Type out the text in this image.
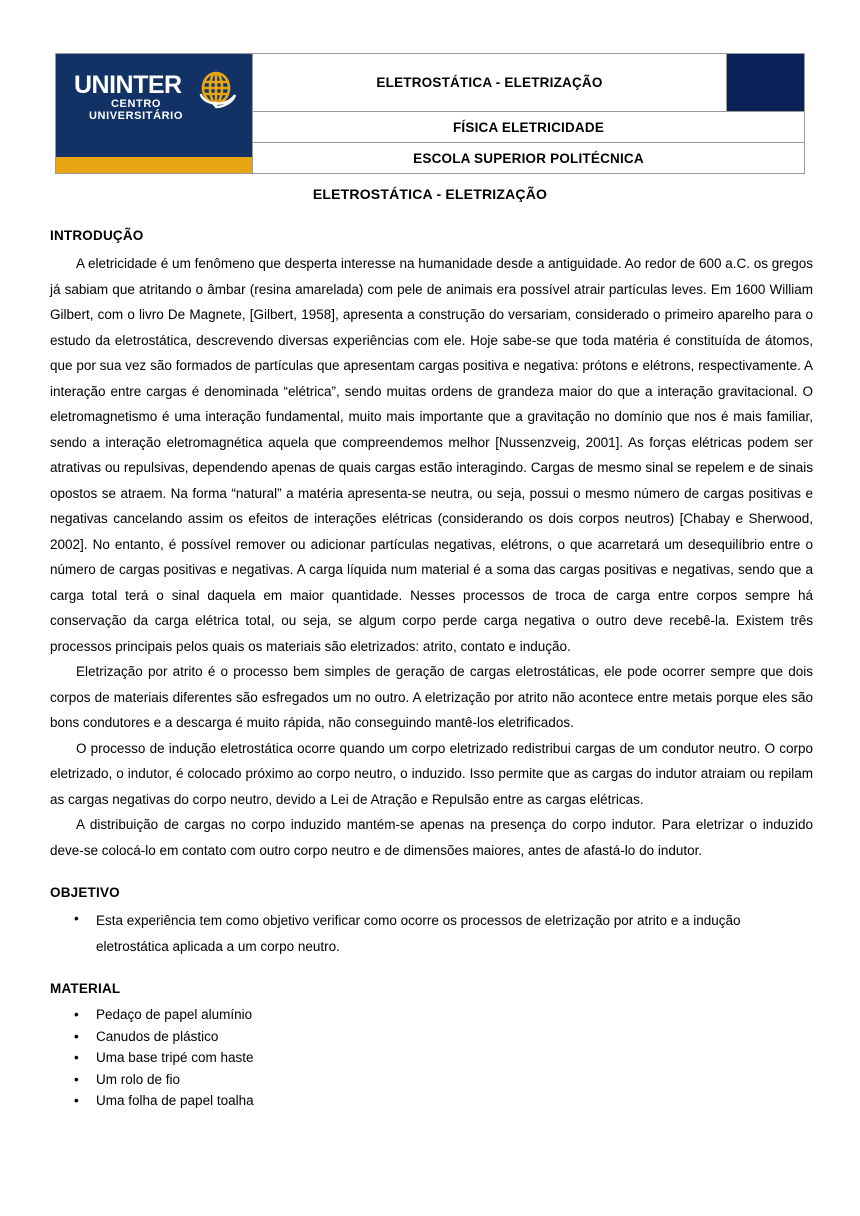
UNINTER
CENTRO
UNIVERSITÁRIO
	ELETROSTÁTICA - ELETRIZAÇÃO	
FÍSICA ELETRICIDADE
ESCOLA SUPERIOR POLITÉCNICA
ELETROSTÁTICA - ELETRIZAÇÃO
INTRODUÇÃO

A eletricidade é um fenômeno que desperta interesse na humanidade desde a antiguidade. Ao redor de 600 a.C. os gregos já sabiam que atritando o âmbar (resina amarelada) com pele de animais era possível atrair partículas leves. Em 1600 William Gilbert, com o livro De Magnete, [Gilbert, 1958], apresenta a construção do versariam, considerado o primeiro aparelho para o estudo da eletrostática, descrevendo diversas experiências com ele. Hoje sabe-se que toda matéria é constituída de átomos, que por sua vez são formados de partículas que apresentam cargas positiva e negativa: prótons e elétrons, respectivamente. A interação entre cargas é denominada “elétrica”, sendo muitas ordens de grandeza maior do que a interação gravitacional. O eletromagnetismo é uma interação fundamental, muito mais importante que a gravitação no domínio que nos é mais familiar, sendo a interação eletromagnética aquela que compreendemos melhor [Nussenzveig, 2001]. As forças elétricas podem ser atrativas ou repulsivas, dependendo apenas de quais cargas estão interagindo. Cargas de mesmo sinal se repelem e de sinais opostos se atraem. Na forma “natural” a matéria apresenta-se neutra, ou seja, possui o mesmo número de cargas positivas e negativas cancelando assim os efeitos de interações elétricas (considerando os dois corpos neutros) [Chabay e Sherwood, 2002]. No entanto, é possível remover ou adicionar partículas negativas, elétrons, o que acarretará um desequilíbrio entre o número de cargas positivas e negativas. A carga líquida num material é a soma das cargas positivas e negativas, sendo que a carga total terá o sinal daquela em maior quantidade. Nesses processos de troca de carga entre corpos sempre há conservação da carga elétrica total, ou seja, se algum corpo perde carga negativa o outro deve recebê-la. Existem três processos principais pelos quais os materiais são eletrizados: atrito, contato e indução.

Eletrização por atrito é o processo bem simples de geração de cargas eletrostáticas, ele pode ocorrer sempre que dois corpos de materiais diferentes são esfregados um no outro. A eletrização por atrito não acontece entre metais porque eles são bons condutores e a descarga é muito rápida, não conseguindo mantê-los eletrificados.

O processo de indução eletrostática ocorre quando um corpo eletrizado redistribui cargas de um condutor neutro. O corpo eletrizado, o indutor, é colocado próximo ao corpo neutro, o induzido. Isso permite que as cargas do indutor atraiam ou repilam as cargas negativas do corpo neutro, devido a Lei de Atração e Repulsão entre as cargas elétricas.

A distribuição de cargas no corpo induzido mantém-se apenas na presença do corpo indutor. Para eletrizar o induzido deve-se colocá-lo em contato com outro corpo neutro e de dimensões maiores, antes de afastá-lo do indutor.

OBJETIVO
• Esta experiência tem como objetivo verificar como ocorre os processos de eletrização por atrito e a indução eletrostática aplicada a um corpo neutro.
MATERIAL
• Pedaço de papel alumínio
• Canudos de plástico
• Uma base tripé com haste
• Um rolo de fio
• Uma folha de papel toalha
